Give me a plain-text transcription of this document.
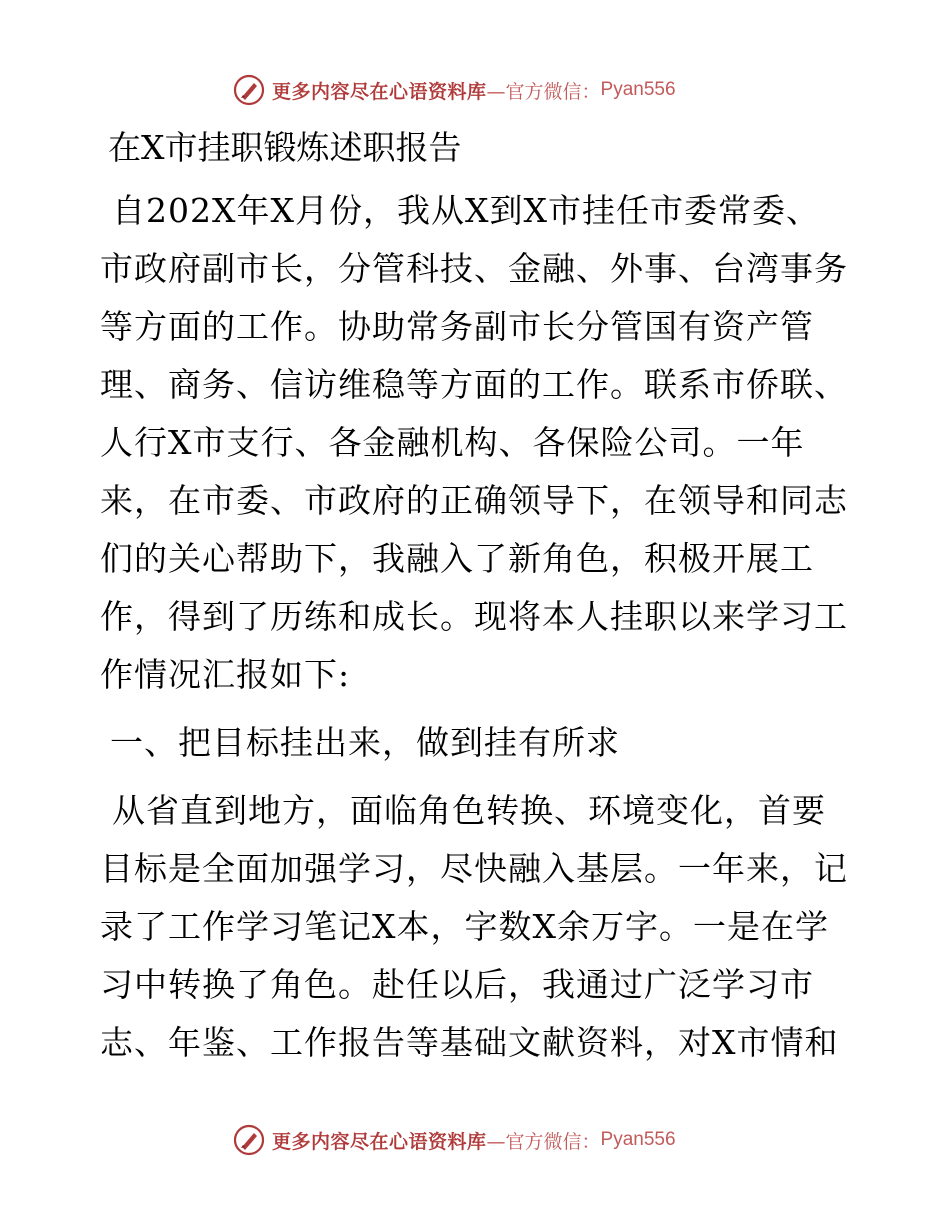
更多内容尽在心语资料库 —官方微信： Pyan556
在X市挂职锻炼述职报告
自202X年X月份，我从X到X市挂任市委常委、
市政府副市长，分管科技、金融、外事、台湾事务
等方面的工作。协助常务副市长分管国有资产管
理、商务、信访维稳等方面的工作。联系市侨联、
人行X市支行、各金融机构、各保险公司。一年
来，在市委、市政府的正确领导下，在领导和同志
们的关心帮助下，我融入了新角色，积极开展工
作，得到了历练和成长。现将本人挂职以来学习工
作情况汇报如下:
一、把目标挂出来，做到挂有所求
从省直到地方，面临角色转换、环境变化，首要
目标是全面加强学习，尽快融入基层。一年来，记
录了工作学习笔记X本，字数X余万字。一是在学
习中转换了角色。赴任以后，我通过广泛学习市
志、年鉴、工作报告等基础文献资料，对X市情和
更多内容尽在心语资料库 —官方微信： Pyan556
